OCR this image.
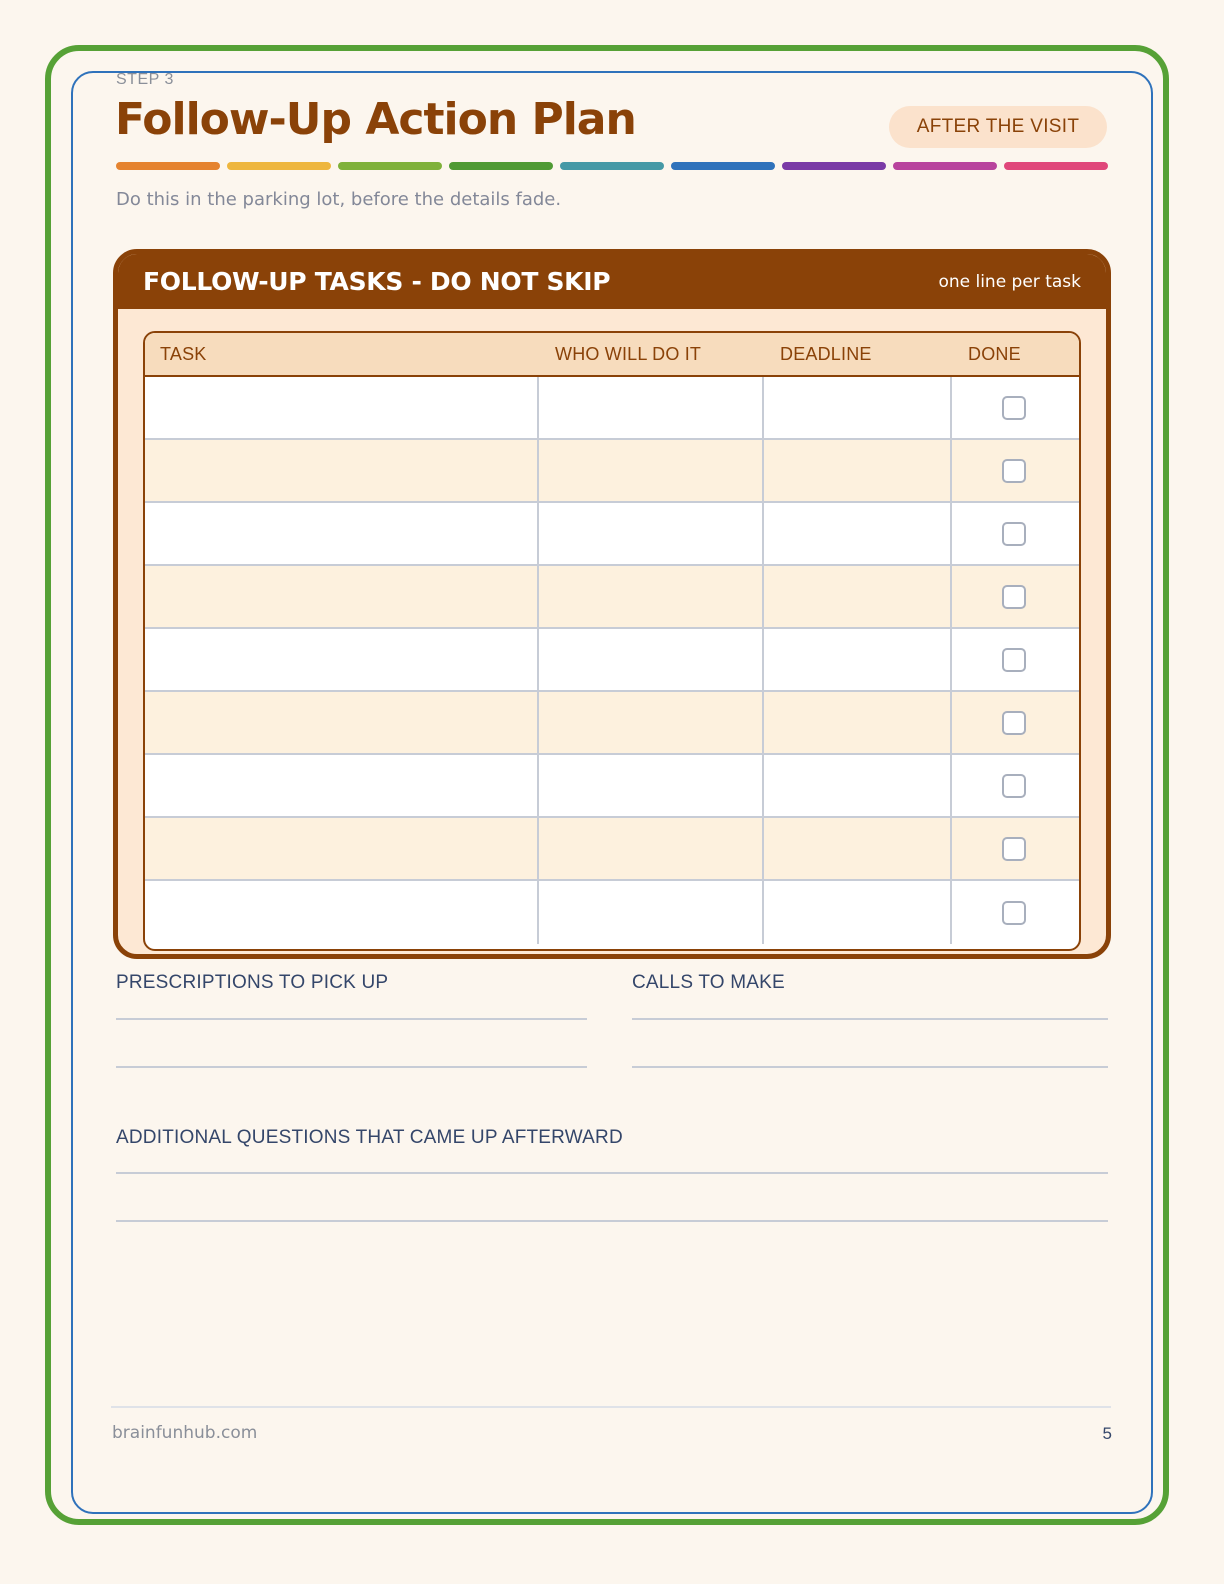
STEP 3
Follow-Up Action Plan	AFTER THE VISIT
Do this in the parking lot, before the details fade.
FOLLOW-UP TASKS - DO NOT SKIP	one line per task
TASK	WHO WILL DO IT	DEADLINE	DONE
PRESCRIPTIONS TO PICK UP	CALLS TO MAKE
ADDITIONAL QUESTIONS THAT CAME UP AFTERWARD
brainfunhub.com	5
